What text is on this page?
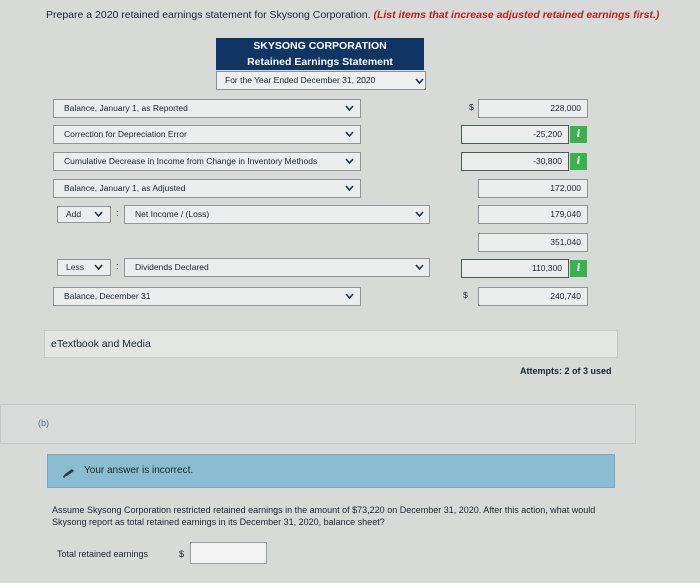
Prepare a 2020 retained earnings statement for Skysong Corporation. (List items that increase adjusted retained earnings first.)
SKYSONG CORPORATION
Retained Earnings Statement
For the Year Ended December 31, 2020
Balance, January 1, as Reported	$	228,000
Correction for Depreciation Error	-25,200	i
Cumulative Decrease in Income from Change in Inventory Methods	-30,800	i
Balance, January 1, as Adjusted	172,000
Add	:	Net Income / (Loss)	179,040
351,040
Less	:	Dividends Declared	110,300	i
Balance, December 31	$	240,740
eTextbook and Media
Attempts: 2 of 3 used
(b)
Your answer is incorrect.
Assume Skysong Corporation restricted retained earnings in the amount of $73,220 on December 31, 2020. After this action, what would Skysong report as total retained earnings in its December 31, 2020, balance sheet?
Total retained earnings	$
